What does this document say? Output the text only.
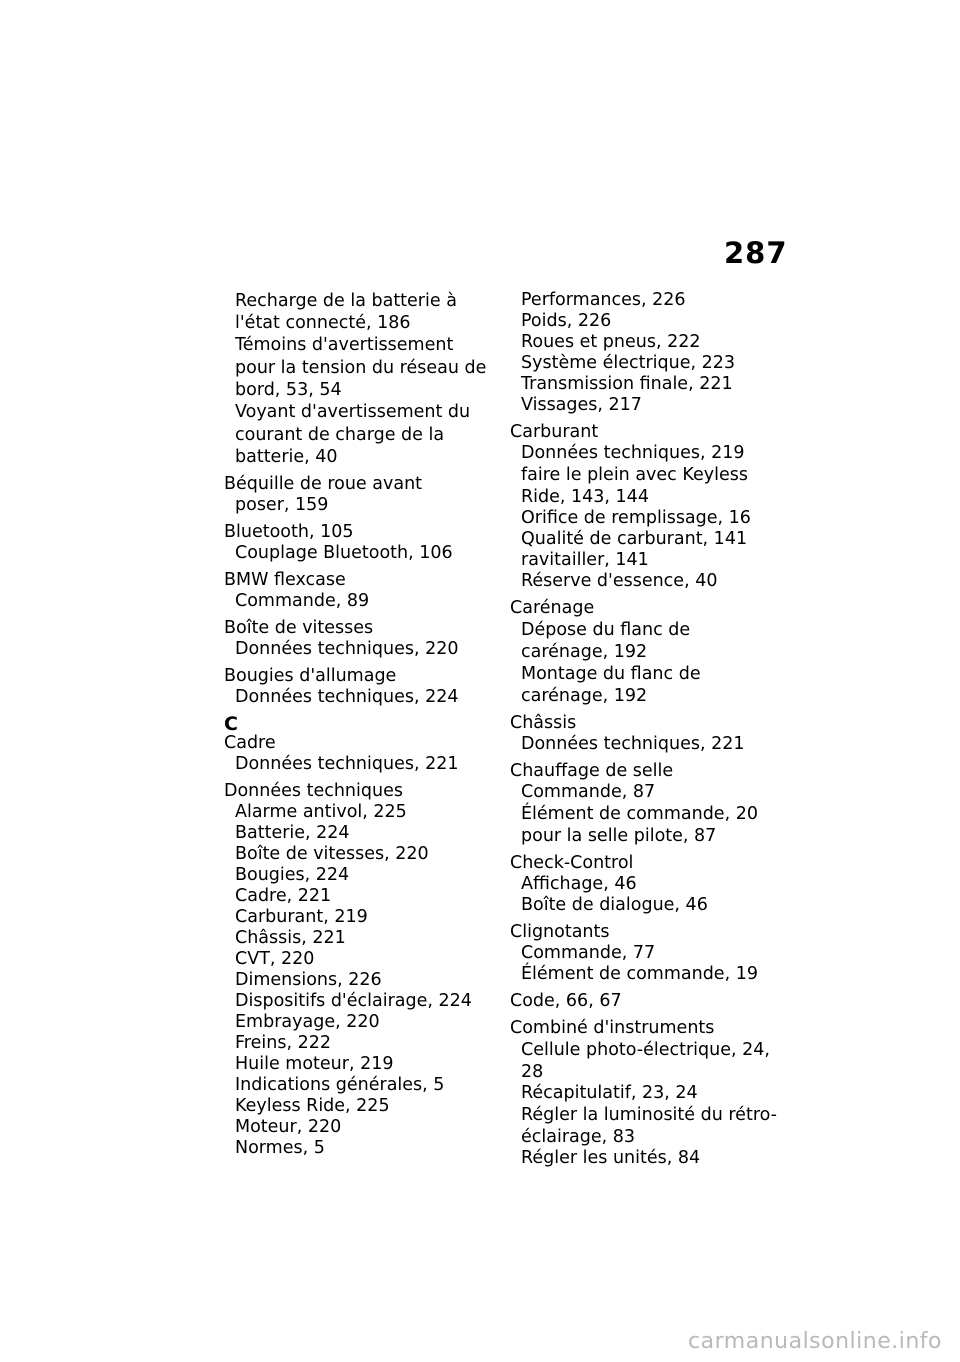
287
Recharge de la batterie à
l'état connecté, 186
Témoins d'avertissement
pour la tension du réseau de
bord, 53, 54
Voyant d'avertissement du
courant de charge de la
batterie, 40
Béquille de roue avant
poser, 159
Bluetooth, 105
Couplage Bluetooth, 106
BMW flexcase
Commande, 89
Boîte de vitesses
Données techniques, 220
Bougies d'allumage
Données techniques, 224
C
Cadre
Données techniques, 221
Données techniques
Alarme antivol, 225
Batterie, 224
Boîte de vitesses, 220
Bougies, 224
Cadre, 221
Carburant, 219
Châssis, 221
CVT, 220
Dimensions, 226
Dispositifs d'éclairage, 224
Embrayage, 220
Freins, 222
Huile moteur, 219
Indications générales, 5
Keyless Ride, 225
Moteur, 220
Normes, 5
Performances, 226
Poids, 226
Roues et pneus, 222
Système électrique, 223
Transmission finale, 221
Vissages, 217
Carburant
Données techniques, 219
faire le plein avec Keyless
Ride, 143, 144
Orifice de remplissage, 16
Qualité de carburant, 141
ravitailler, 141
Réserve d'essence, 40
Carénage
Dépose du flanc de
carénage, 192
Montage du flanc de
carénage, 192
Châssis
Données techniques, 221
Chauffage de selle
Commande, 87
Élément de commande, 20
pour la selle pilote, 87
Check-Control
Affichage, 46
Boîte de dialogue, 46
Clignotants
Commande, 77
Élément de commande, 19
Code, 66, 67
Combiné d'instruments
Cellule photo-électrique, 24,
28
Récapitulatif, 23, 24
Régler la luminosité du rétro-
éclairage, 83
Régler les unités, 84
carmanualsonline.info
